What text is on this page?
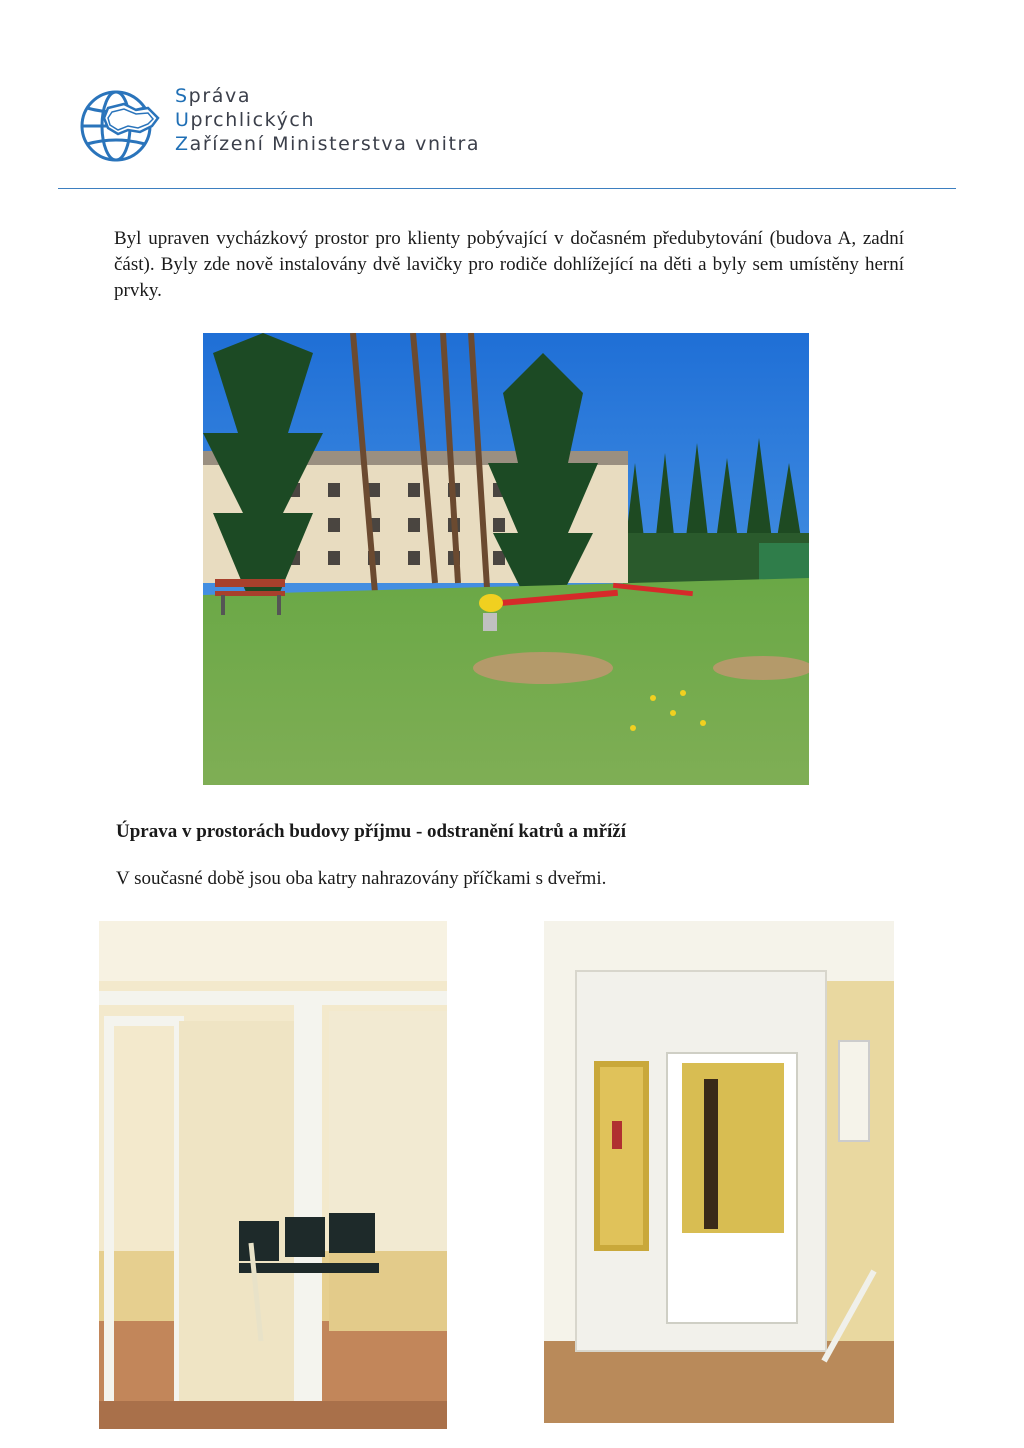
Správa
Uprchlických
Zařízení Ministerstva vnitra

Byl upraven vycházkový prostor pro klienty pobývající v dočasném předubytování (budova A, zadní část). Byly zde nově instalovány dvě lavičky pro rodiče dohlížející na děti a byly sem umístěny herní prvky.

Úprava v prostorách budovy příjmu - odstranění katrů a mříží
V současné době jsou oba katry nahrazovány příčkami s dveřmi.
